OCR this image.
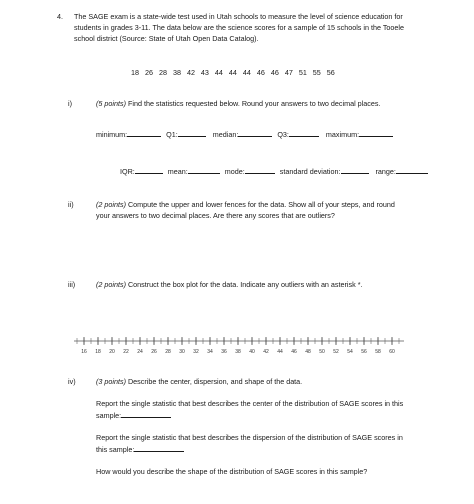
4. The SAGE exam is a state-wide test used in Utah schools to measure the level of science education for
students in grades 3-11. The data below are the science scores for a sample of 15 schools in the Tooele
school district (Source: State of Utah Open Data Catalog).
18   26   28   38   42   43   44   44   44   46   46   47   51   55   56
i)	(5 points) Find the statistics requested below. Round your answers to two decimal places.
minimum:	Q1:	median:	Q3:	maximum:
IQR:	mean:	mode:	standard deviation:	range:
ii)	(2 points) Compute the upper and lower fences for the data. Show all of your steps, and round
your answers to two decimal places. Are there any scores that are outliers?
iii)	(2 points) Construct the box plot for the data. Indicate any outliers with an asterisk *.
16 18 20 22 24 26 28 30 32 34 36 38 40 42 44 46 48 50 52 54 56 58 60
iv)	(3 points) Describe the center, dispersion, and shape of the data.
Report the single statistic that best describes the center of the distribution of SAGE scores in this
sample:
Report the single statistic that best describes the dispersion of the distribution of SAGE scores in
this sample:
How would you describe the shape of the distribution of SAGE scores in this sample?
